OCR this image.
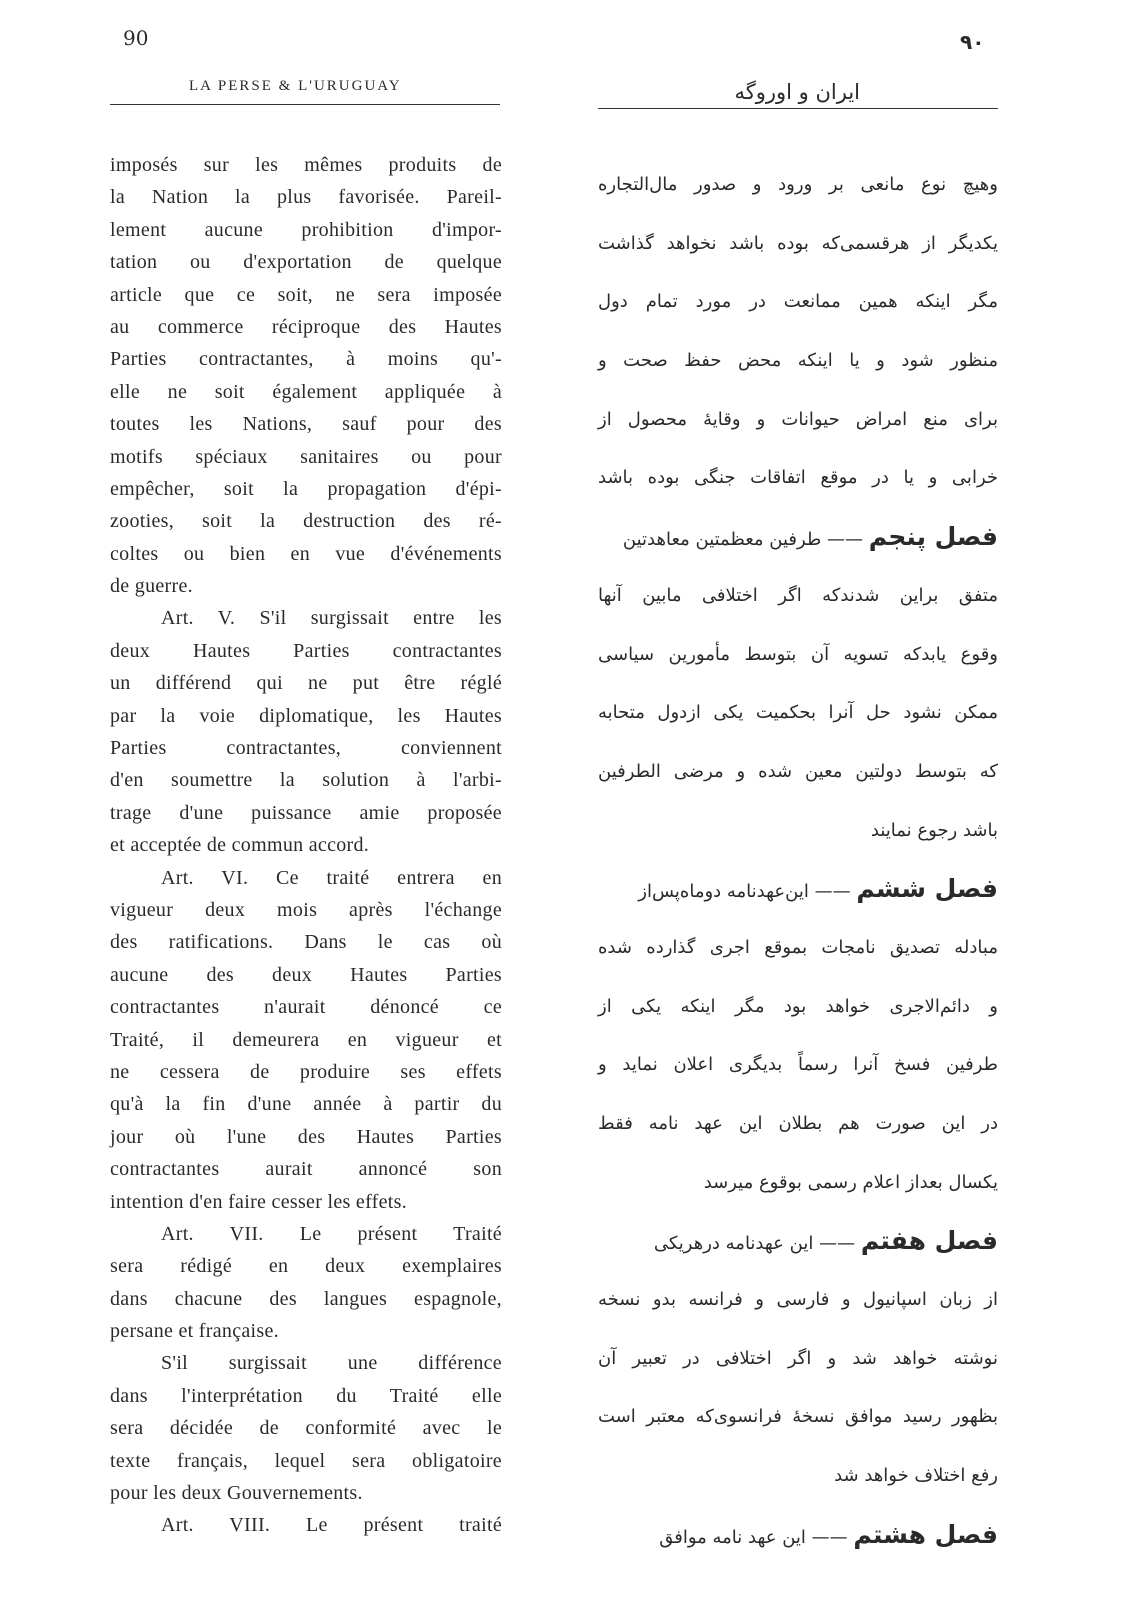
90	۹۰
LA PERSE & L'URUGUAY	ایران و اوروگه
imposés sur les mêmes produits de
la Nation la plus favorisée. Pareil-
lement aucune prohibition d'impor-
tation ou d'exportation de quelque
article que ce soit, ne sera imposée
au commerce réciproque des Hautes
Parties contractantes, à moins qu'-
elle ne soit également appliquée à
toutes les Nations, sauf pour des
motifs spéciaux sanitaires ou pour
empêcher, soit la propagation d'épi-
zooties, soit la destruction des ré-
coltes ou bien en vue d'événements
de guerre.
Art. V. S'il surgissait entre les
deux Hautes Parties contractantes
un différend qui ne put être réglé
par la voie diplomatique, les Hautes
Parties contractantes, conviennent
d'en soumettre la solution à l'arbi-
trage d'une puissance amie proposée
et acceptée de commun accord.
Art. VI. Ce traité entrera en
vigueur deux mois après l'échange
des ratifications. Dans le cas où
aucune des deux Hautes Parties
contractantes n'aurait dénoncé ce
Traité, il demeurera en vigueur et
ne cessera de produire ses effets
qu'à la fin d'une année à partir du
jour où l'une des Hautes Parties
contractantes aurait annoncé son
intention d'en faire cesser les effets.
Art. VII. Le présent Traité
sera rédigé en deux exemplaires
dans chacune des langues espagnole,
persane et française.
S'il surgissait une différence
dans l'interprétation du Traité elle
sera décidée de conformité avec le
texte français, lequel sera obligatoire
pour les deux Gouvernements.
Art. VIII. Le présent traité
وهیچ نوع مانعی بر ورود و صدور مال‌التجاره
یکدیگر از هرقسمی‌که بوده باشد نخواهد گذاشت
مگر اینکه همین ممانعت در مورد تمام دول
منظور شود و یا اینکه محض حفظ صحت و
برای منع امراض حیوانات و وقایهٔ محصول از
خرابی و یا در موقع اتفاقات جنگی بوده باشد
فصل پنجم —— طرفین معظمتین معاهدتین
متفق براین شدندکه اگر اختلافی مابین آنها
وقوع یابدکه تسویه آن بتوسط مأمورین سیاسی
ممکن نشود حل آنرا بحکمیت یکی ازدول متحابه
که بتوسط دولتین معین شده و مرضی الطرفین
باشد رجوع نمایند
فصل ششم —— این‌عهدنامه دوماه‌پس‌از
مبادله تصدیق نامجات بموقع اجری گذارده شده
و دائم‌الاجری خواهد بود مگر اینکه یکی از
طرفین فسخ آنرا رسماً بدیگری اعلان نماید و
در این صورت هم بطلان این عهد نامه فقط
یکسال بعداز اعلام رسمی بوقوع میرسد
فصل هفتم —— این عهدنامه درهریکی
از زبان اسپانیول و فارسی و فرانسه بدو نسخه
نوشته خواهد شد و اگر اختلافی در تعبیر آن
بظهور رسید موافق نسخهٔ فرانسوی‌که معتبر است
رفع اختلاف خواهد شد
فصل هشتم —— این عهد نامه موافق
